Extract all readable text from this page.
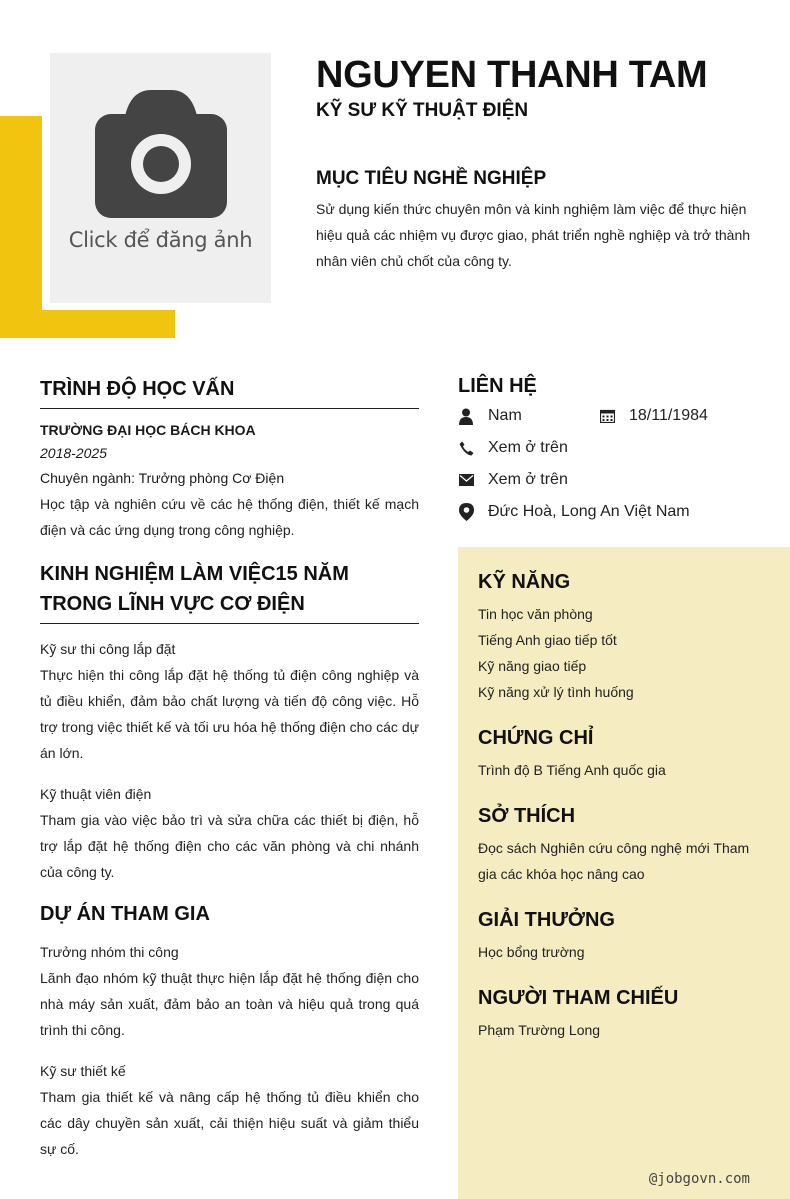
Click để đăng ảnh
NGUYEN THANH TAM
KỸ SƯ KỸ THUẬT ĐIỆN
MỤC TIÊU NGHỀ NGHIỆP
Sử dụng kiến thức chuyên môn và kinh nghiệm làm việc để thực hiện hiệu quả các nhiệm vụ được giao, phát triển nghề nghiệp và trở thành nhân viên chủ chốt của công ty.
TRÌNH ĐỘ HỌC VẤN
TRƯỜNG ĐẠI HỌC BÁCH KHOA
2018-2025
Chuyên ngành: Trưởng phòng Cơ Điện
Học tập và nghiên cứu về các hệ thống điện, thiết kế mạch điện và các ứng dụng trong công nghiệp.
KINH NGHIỆM LÀM VIỆC15 NĂM TRONG LĨNH VỰC CƠ ĐIỆN
Kỹ sư thi công lắp đặt
Thực hiện thi công lắp đặt hệ thống tủ điện công nghiệp và tủ điều khiển, đảm bảo chất lượng và tiến độ công việc. Hỗ trợ trong việc thiết kế và tối ưu hóa hệ thống điện cho các dự án lớn.
Kỹ thuật viên điện
Tham gia vào việc bảo trì và sửa chữa các thiết bị điện, hỗ trợ lắp đặt hệ thống điện cho các văn phòng và chi nhánh của công ty.
DỰ ÁN THAM GIA
Trưởng nhóm thi công
Lãnh đạo nhóm kỹ thuật thực hiện lắp đặt hệ thống điện cho nhà máy sản xuất, đảm bảo an toàn và hiệu quả trong quá trình thi công.
Kỹ sư thiết kế
Tham gia thiết kế và nâng cấp hệ thống tủ điều khiển cho các dây chuyền sản xuất, cải thiện hiệu suất và giảm thiểu sự cố.
LIÊN HỆ
Nam	18/11/1984
Xem ở trên
Xem ở trên
Đức Hoà, Long An Việt Nam
KỸ NĂNG
Tin học văn phòng
Tiếng Anh giao tiếp tốt
Kỹ năng giao tiếp
Kỹ năng xử lý tình huống
CHỨNG CHỈ
Trình độ B Tiếng Anh quốc gia
SỞ THÍCH
Đọc sách Nghiên cứu công nghệ mới Tham gia các khóa học nâng cao
GIẢI THƯỞNG
Học bổng trường
NGƯỜI THAM CHIẾU
Phạm Trường Long
@jobgovn.com
